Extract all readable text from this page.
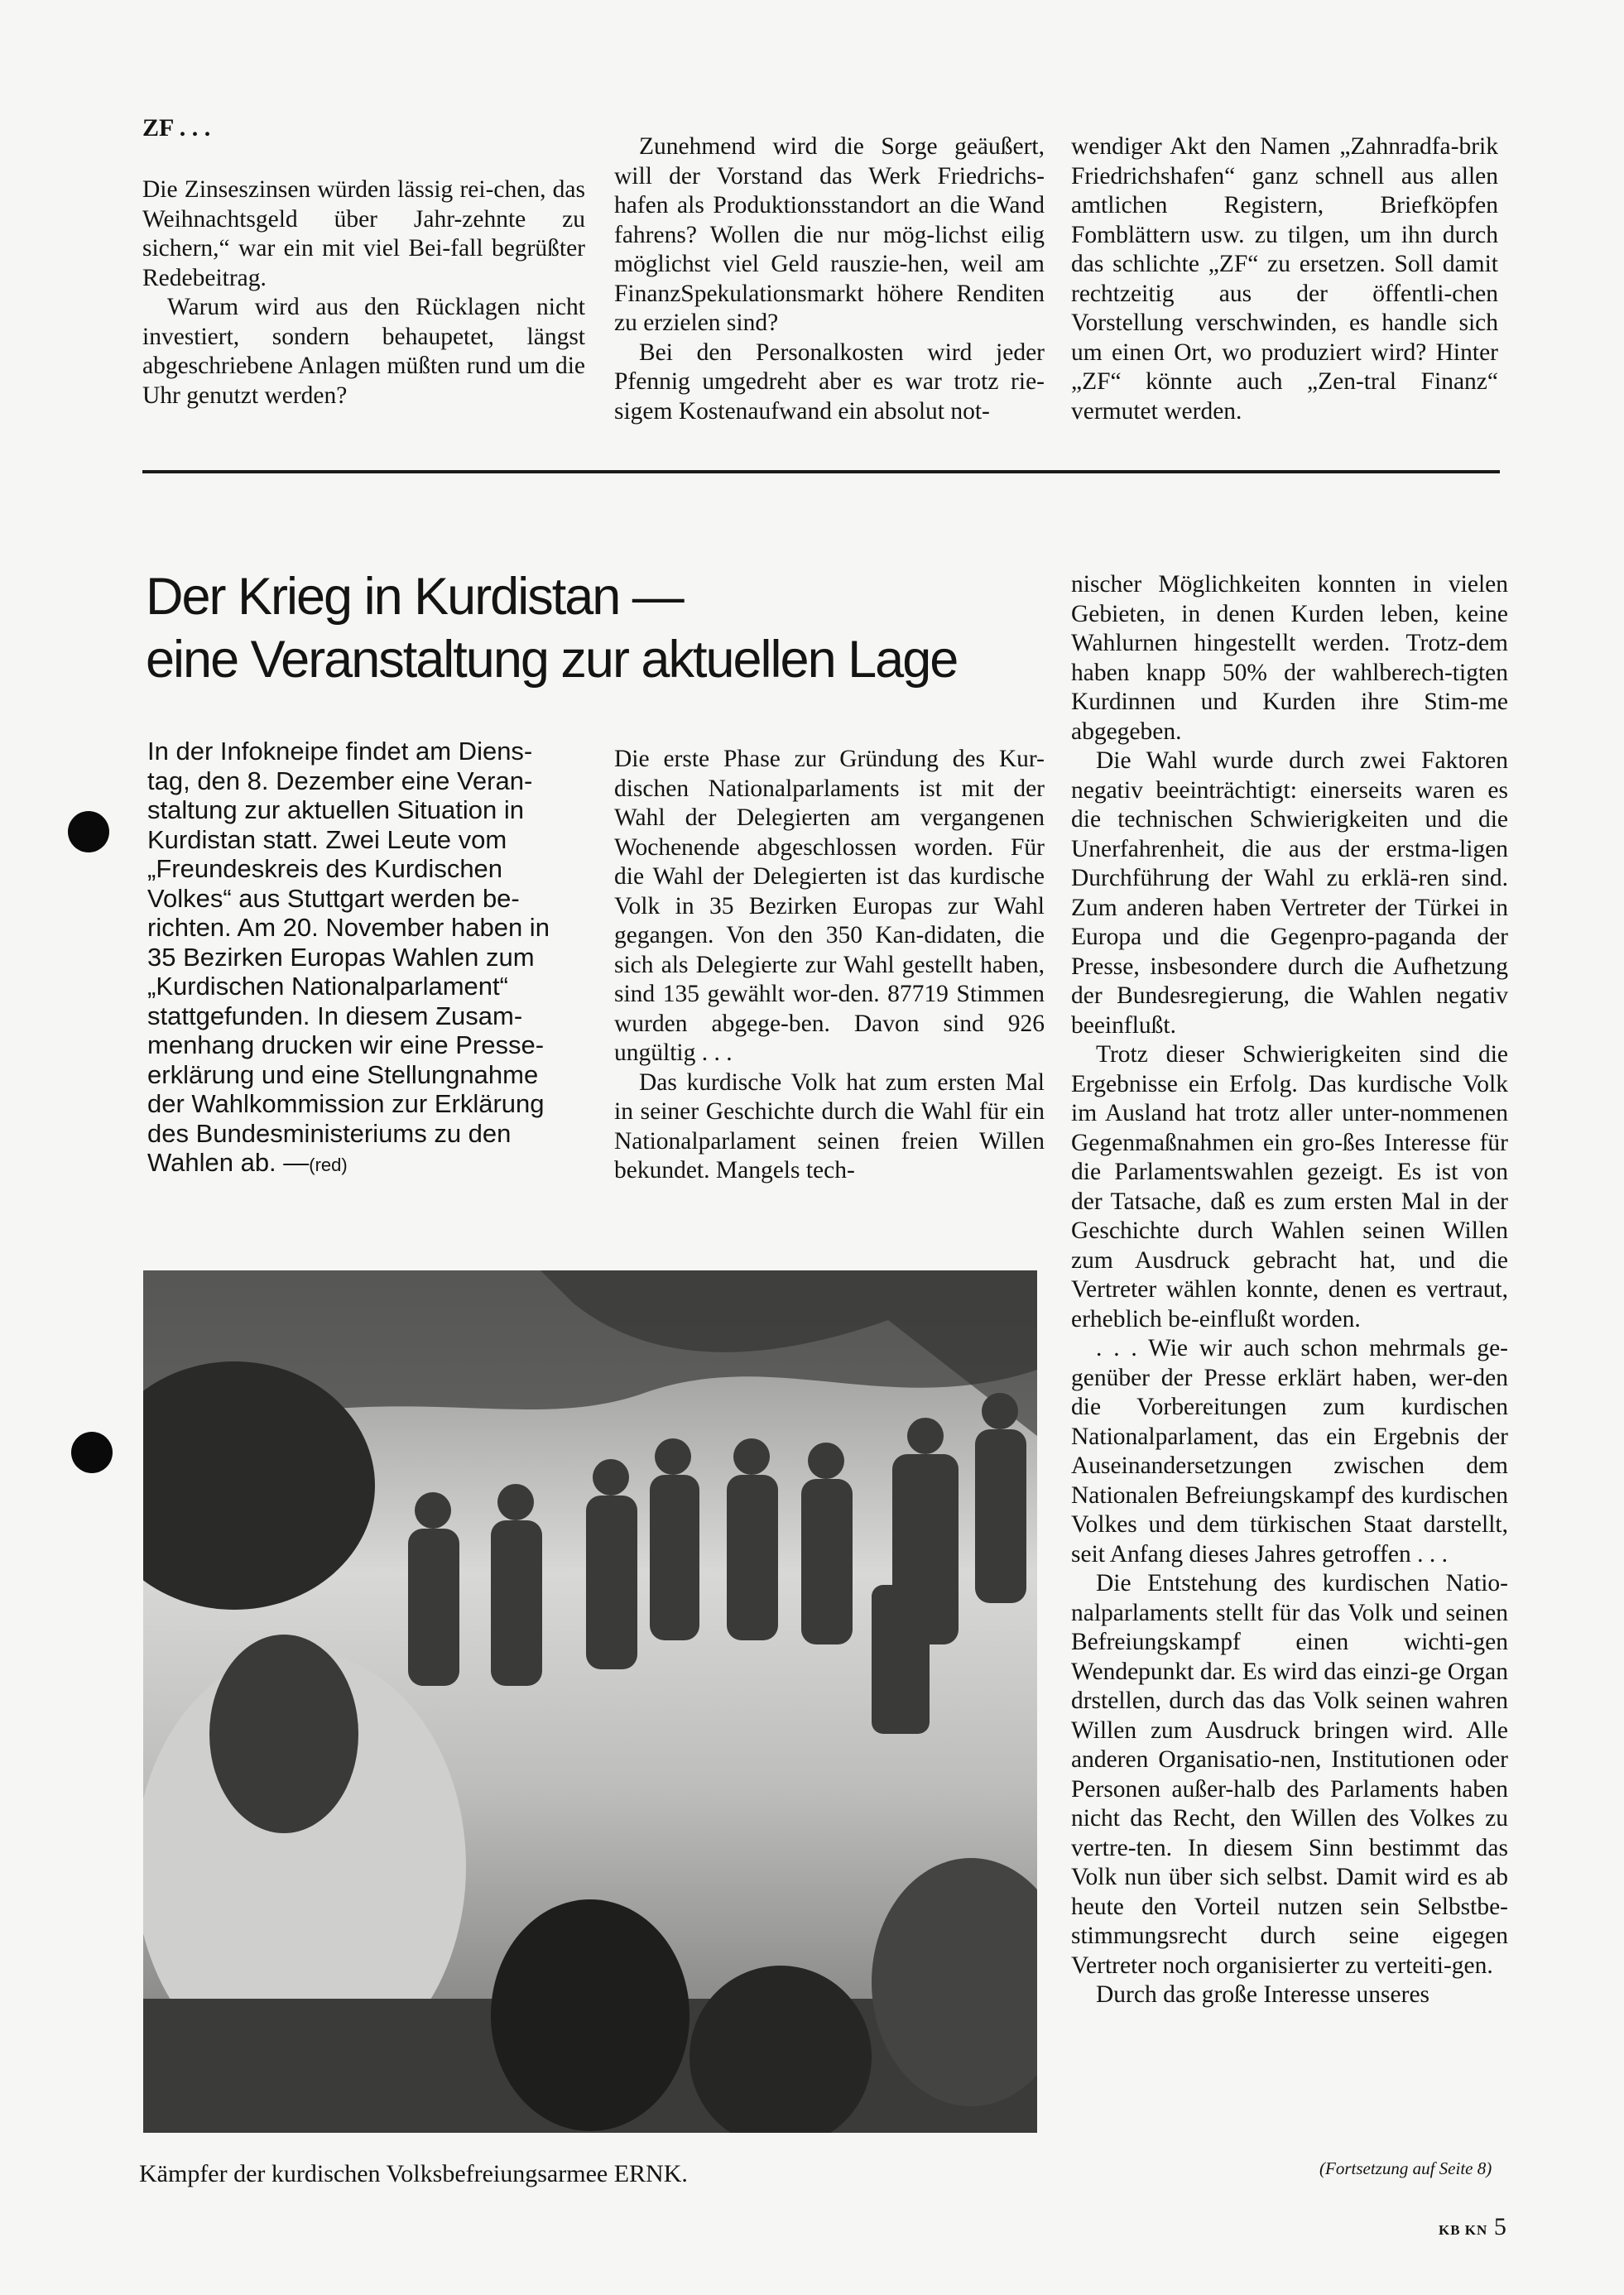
ZF . . .

Die Zinseszinsen würden lässig rei-chen, das Weihnachtsgeld über Jahr-zehnte zu sichern,“ war ein mit viel Bei-fall begrüßter Redebeitrag.

Warum wird aus den Rücklagen nicht investiert, sondern behaupetet, längst abgeschriebene Anlagen müßten rund um die Uhr genutzt werden?

Zunehmend wird die Sorge geäußert, will der Vorstand das Werk Friedrichs-hafen als Produktionsstandort an die Wand fahrens? Wollen die nur mög-lichst eilig möglichst viel Geld rauszie-hen, weil am FinanzSpekulationsmarkt höhere Renditen zu erzielen sind?

Bei den Personalkosten wird jeder Pfennig umgedreht aber es war trotz rie-sigem Kostenaufwand ein absolut not-

wendiger Akt den Namen „Zahnradfa-brik Friedrichshafen“ ganz schnell aus allen amtlichen Registern, Briefköpfen Fomblättern usw. zu tilgen, um ihn durch das schlichte „ZF“ zu ersetzen. Soll damit rechtzeitig aus der öffentli-chen Vorstellung verschwinden, es handle sich um einen Ort, wo produziert wird? Hinter „ZF“ könnte auch „Zen-tral Finanz“ vermutet werden.

Der Krieg in Kurdistan —
eine Veranstaltung zur aktuellen Lage
In der Infokneipe findet am Diens-tag, den 8. Dezember eine Veran-staltung zur aktuellen Situation in Kurdistan statt. Zwei Leute vom „Freundeskreis des Kurdischen Volkes“ aus Stuttgart werden be-richten. Am 20. November haben in 35 Bezirken Europas Wahlen zum „Kurdischen Nationalparlament“ stattgefunden. In diesem Zusam-menhang drucken wir eine Presse-erklärung und eine Stellungnahme der Wahlkommission zur Erklärung des Bundesministeriums zu den Wahlen ab. —(red)

Die erste Phase zur Gründung des Kur-dischen Nationalparlaments ist mit der Wahl der Delegierten am vergangenen Wochenende abgeschlossen worden. Für die Wahl der Delegierten ist das kurdische Volk in 35 Bezirken Europas zur Wahl gegangen. Von den 350 Kan-didaten, die sich als Delegierte zur Wahl gestellt haben, sind 135 gewählt wor-den. 87719 Stimmen wurden abgege-ben. Davon sind 926 ungültig . . .

Das kurdische Volk hat zum ersten Mal in seiner Geschichte durch die Wahl für ein Nationalparlament seinen freien Willen bekundet. Mangels tech-

nischer Möglichkeiten konnten in vielen Gebieten, in denen Kurden leben, keine Wahlurnen hingestellt werden. Trotz-dem haben knapp 50% der wahlberech-tigten Kurdinnen und Kurden ihre Stim-me abgegeben.

Die Wahl wurde durch zwei Faktoren negativ beeinträchtigt: einerseits waren es die technischen Schwierigkeiten und die Unerfahrenheit, die aus der erstma-ligen Durchführung der Wahl zu erklä-ren sind. Zum anderen haben Vertreter der Türkei in Europa und die Gegenpro-paganda der Presse, insbesondere durch die Aufhetzung der Bundesregierung, die Wahlen negativ beeinflußt.

Trotz dieser Schwierigkeiten sind die Ergebnisse ein Erfolg. Das kurdische Volk im Ausland hat trotz aller unter-nommenen Gegenmaßnahmen ein gro-ßes Interesse für die Parlamentswahlen gezeigt. Es ist von der Tatsache, daß es zum ersten Mal in der Geschichte durch Wahlen seinen Willen zum Ausdruck gebracht hat, und die Vertreter wählen konnte, denen es vertraut, erheblich be-einflußt worden.

. . . Wie wir auch schon mehrmals ge-genüber der Presse erklärt haben, wer-den die Vorbereitungen zum kurdischen Nationalparlament, das ein Ergebnis der Auseinandersetzungen zwischen dem Nationalen Befreiungskampf des kurdischen Volkes und dem türkischen Staat darstellt, seit Anfang dieses Jahres getroffen . . .

Die Entstehung des kurdischen Natio-nalparlaments stellt für das Volk und seinen Befreiungskampf einen wichti-gen Wendepunkt dar. Es wird das einzi-ge Organ drstellen, durch das das Volk seinen wahren Willen zum Ausdruck bringen wird. Alle anderen Organisatio-nen, Institutionen oder Personen außer-halb des Parlaments haben nicht das Recht, den Willen des Volkes zu vertre-ten. In diesem Sinn bestimmt das Volk nun über sich selbst. Damit wird es ab heute den Vorteil nutzen sein Selbstbe-stimmungsrecht durch seine eigegen Vertreter noch organisierter zu verteiti-gen.

Durch das große Interesse unseres

Kämpfer der kurdischen Volksbefreiungsarmee ERNK.	(Fortsetzung auf Seite 8)
KB KN 5
